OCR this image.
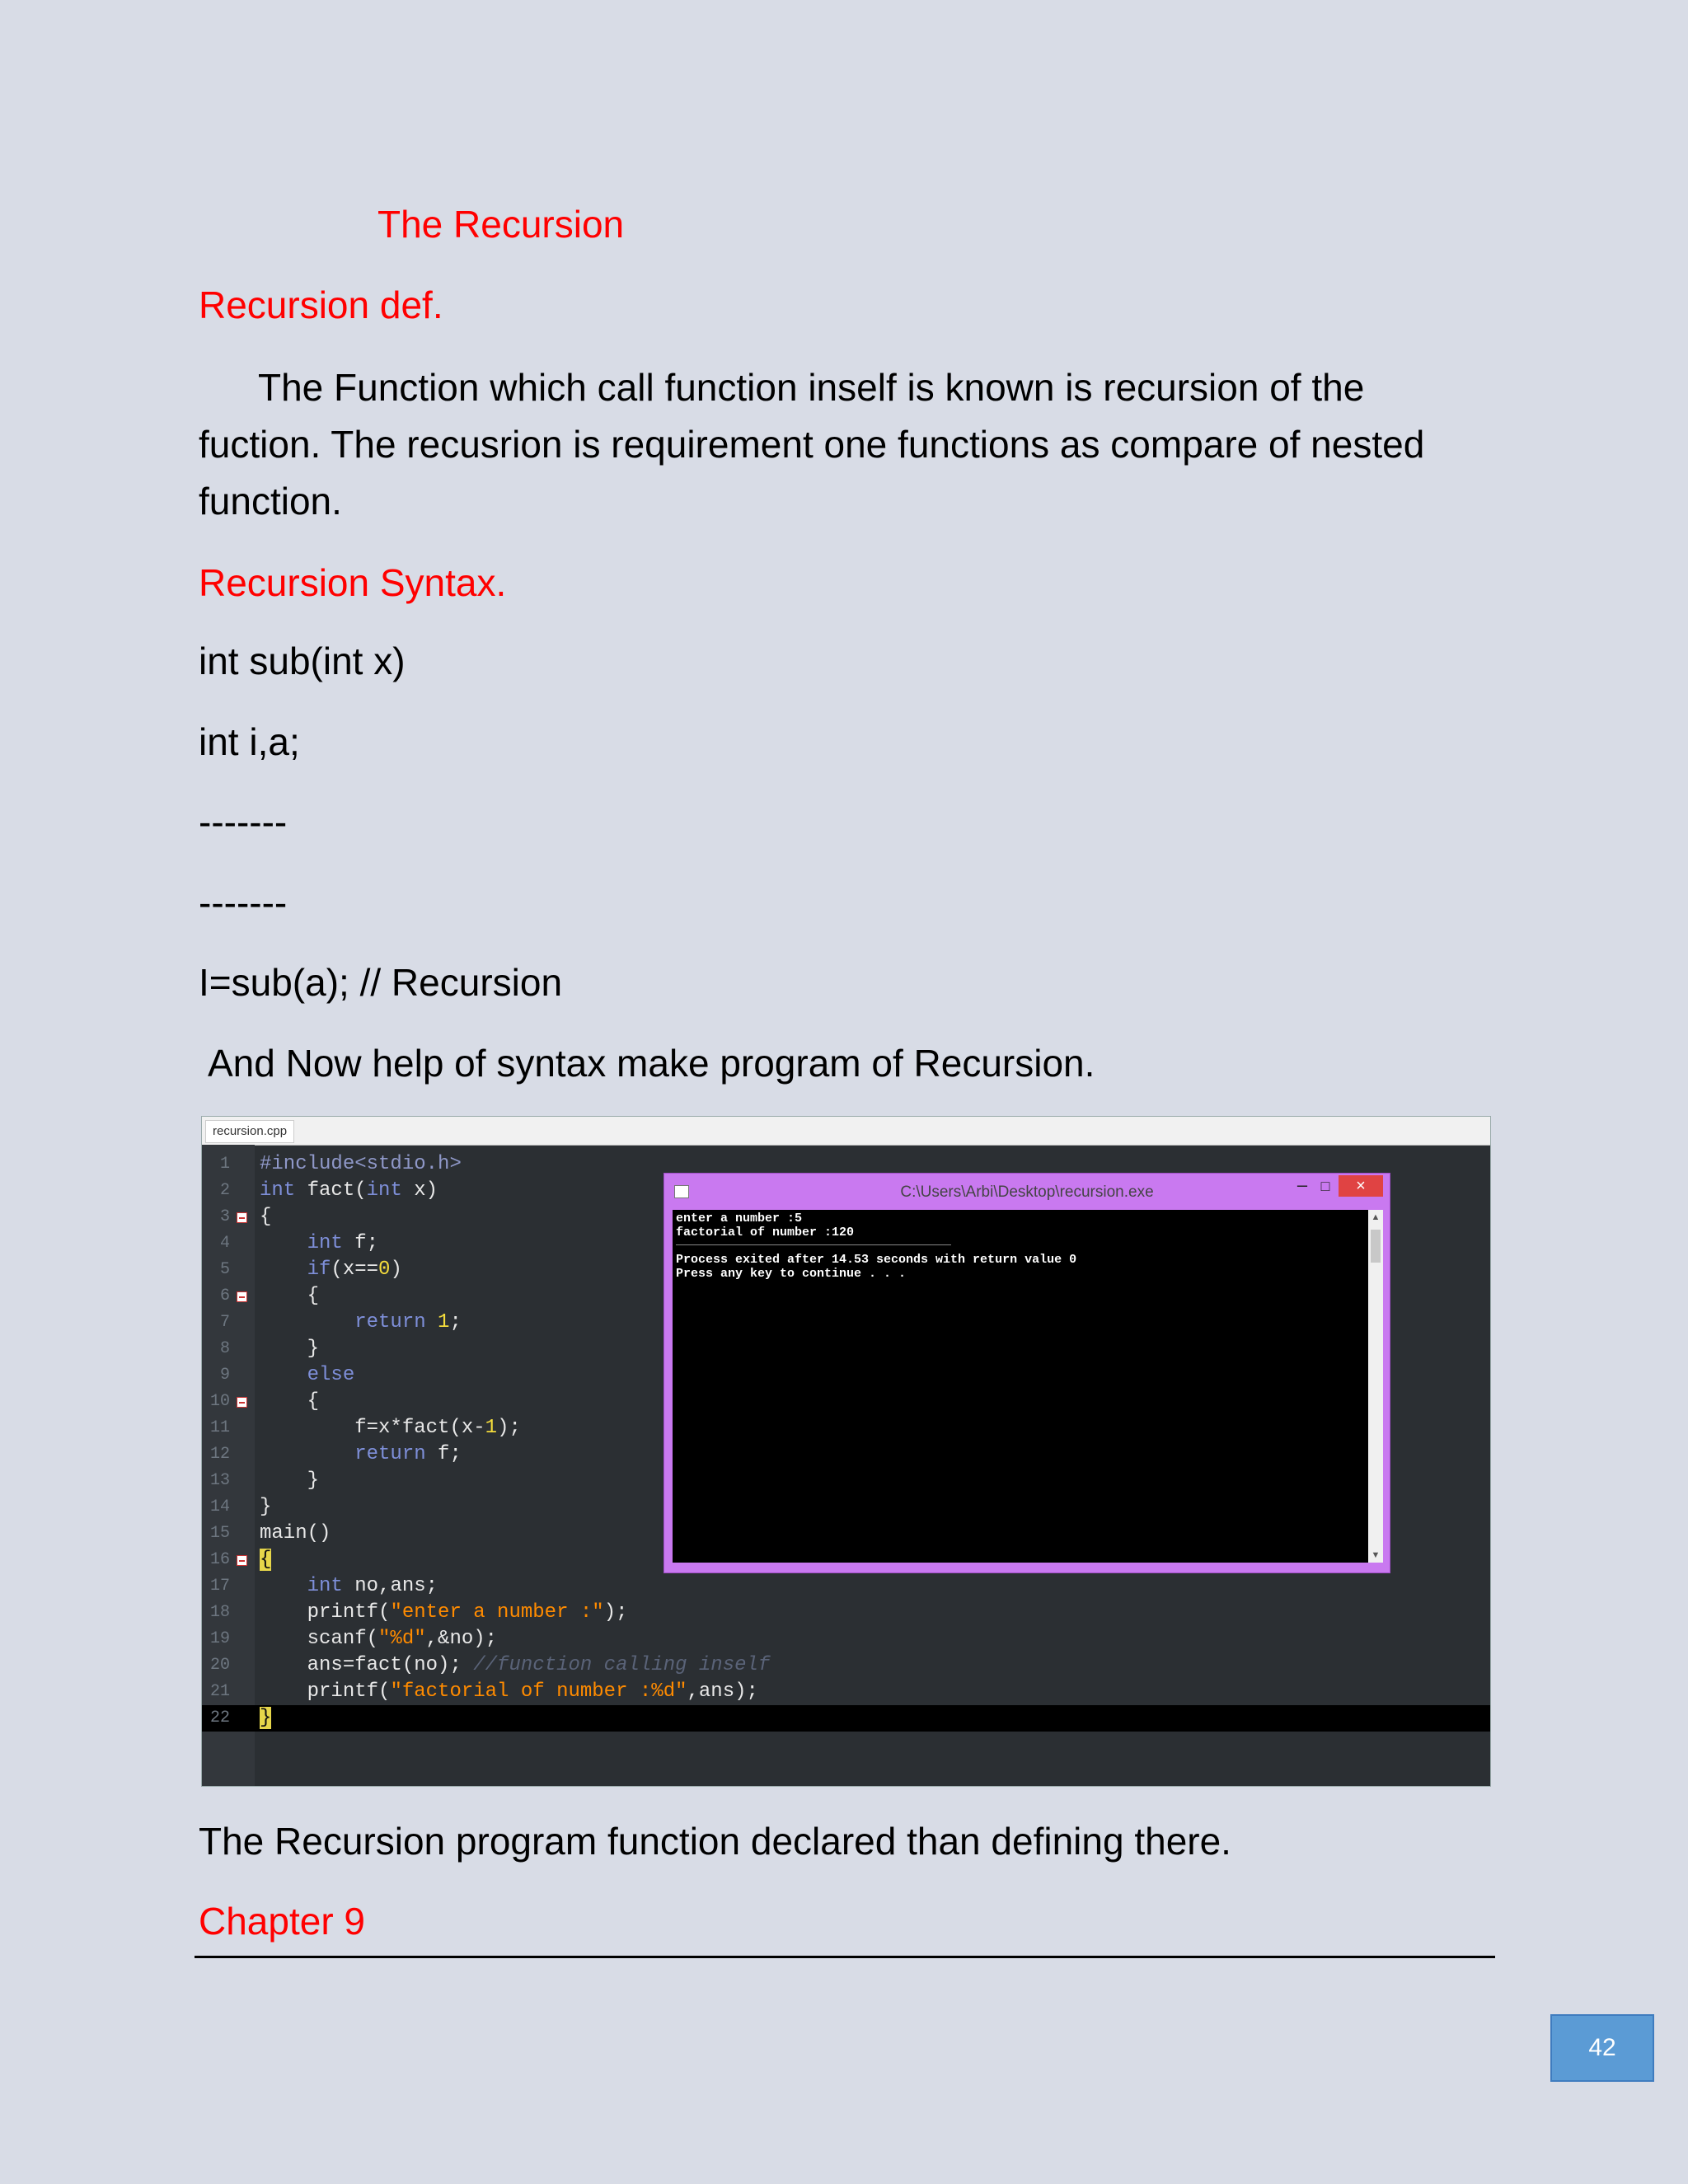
The Recursion
Recursion def.
The Function which call function inself is known is recursion of the
fuction. The recusrion is requirement one functions as compare of nested
function.
Recursion Syntax.
int sub(int x)
int i,a;
-------
-------
I=sub(a); // Recursion
And Now help of syntax make program of Recursion.
recursion.cpp
1 #include<stdio.h>
2 int fact(int x)
3 {
4	int f;
5	if(x==0)
6	{
7	return 1;
8	}
9	else
10	{
11	f=x*fact(x-1);
12	return f;
13	}
14 }
15 main()
16 {
17	int no,ans;
18	printf("enter a number :");
19	scanf("%d",&no);
20	ans=fact(no); //function calling inself
21	printf("factorial of number :%d",ans);
22 }
C:\Users\Arbi\Desktop\recursion.exe	– □	×
enter a number :5
factorial of number :120
Process exited after 14.53 seconds with return value 0
Press any key to continue . . .
▲
▼
The Recursion program function declared than defining there.
Chapter 9
42
